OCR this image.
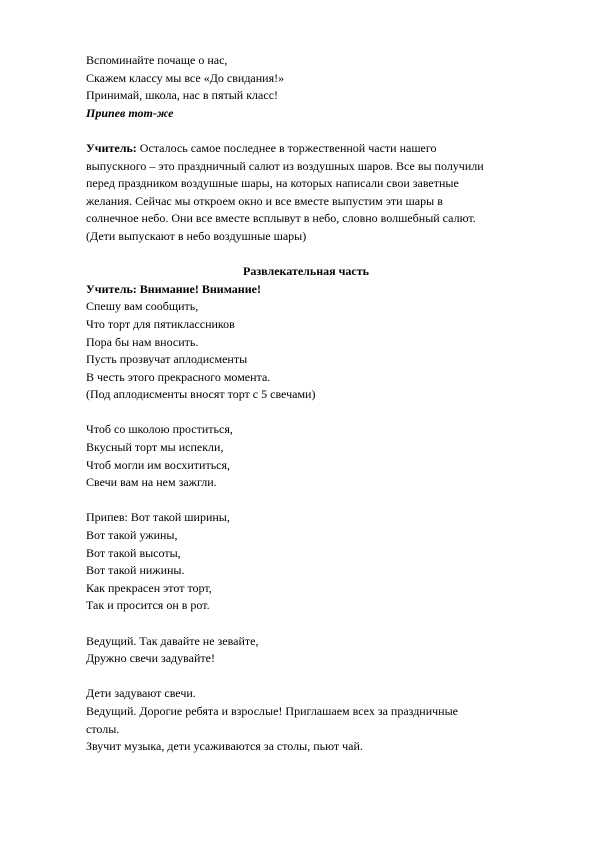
Вспоминайте почаще о нас,
Скажем классу мы все «До свидания!»
Принимай, школа, нас в пятый класс!
Припев тот-же
Учитель: Осталось самое последнее в торжественной части нашего
выпускного – это праздничный салют из воздушных шаров. Все вы получили
перед праздником воздушные шары, на которых написали свои заветные
желания. Сейчас мы откроем окно и все вместе выпустим эти шары в
солнечное небо. Они все вместе всплывут в небо, словно волшебный салют.
(Дети выпускают в небо воздушные шары)
Развлекательная часть
Учитель: Внимание! Внимание!
Спешу вам сообщить,
Что торт для пятиклассников
Пора бы нам вносить.
Пусть прозвучат аплодисменты
В честь этого прекрасного момента.
(Под аплодисменты вносят торт с 5 свечами)
Чтоб со школою проститься,
Вкусный торт мы испекли,
Чтоб могли им восхититься,
Свечи вам на нем зажгли.
Припев: Вот такой ширины,
Вот такой ужины,
Вот такой высоты,
Вот такой нижины.
Как прекрасен этот торт,
Так и просится он в рот.
Ведущий. Так давайте не зевайте,
Дружно свечи задувайте!
Дети задувают свечи.
Ведущий. Дорогие ребята и взрослые! Приглашаем всех за праздничные
столы.
Звучит музыка, дети усаживаются за столы, пьют чай.
